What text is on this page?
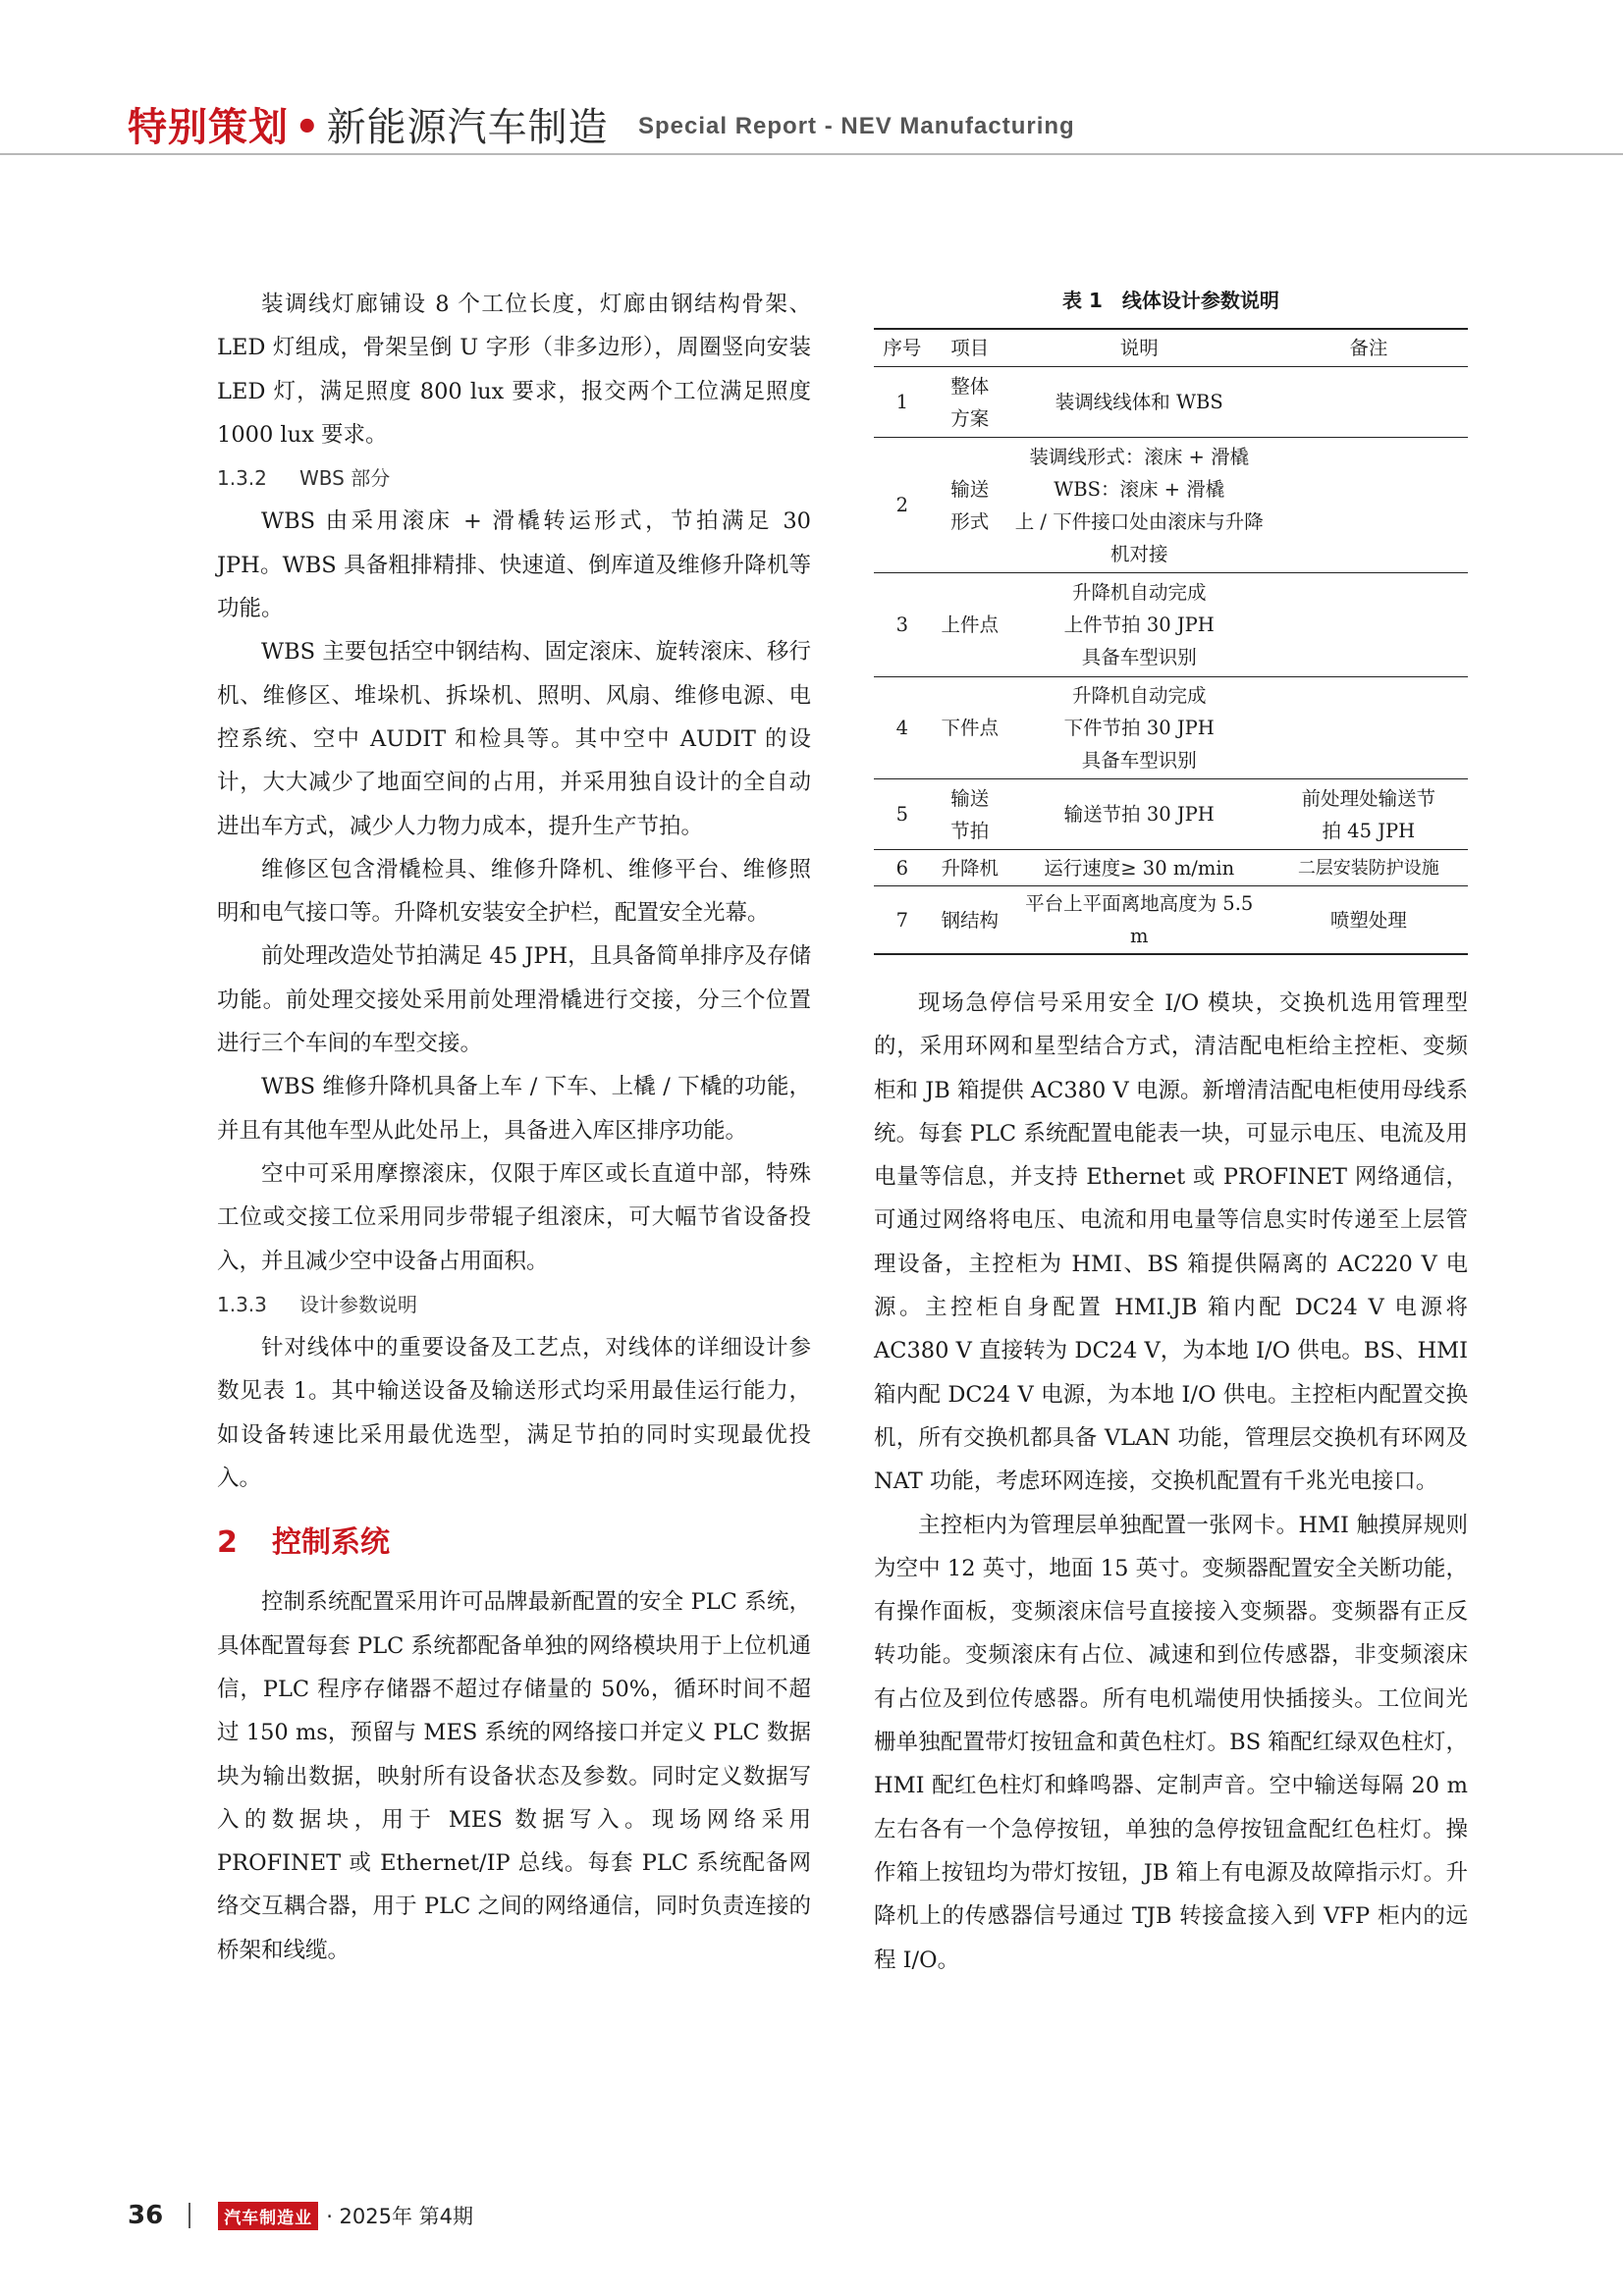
特别策划 • 新能源汽车制造 Special Report - NEV Manufacturing

装调线灯廊铺设 8 个工位长度，灯廊由钢结构骨架、LED 灯组成，骨架呈倒 U 字形（非多边形），周圈竖向安装 LED 灯，满足照度 800 lux 要求，报交两个工位满足照度 1000 lux 要求。

1.3.2 WBS 部分

WBS 由采用滚床 + 滑橇转运形式，节拍满足 30 JPH。WBS 具备粗排精排、快速道、倒库道及维修升降机等功能。

WBS 主要包括空中钢结构、固定滚床、旋转滚床、移行机、维修区、堆垛机、拆垛机、照明、风扇、维修电源、电控系统、空中 AUDIT 和检具等。其中空中 AUDIT 的设计，大大减少了地面空间的占用，并采用独自设计的全自动进出车方式，减少人力物力成本，提升生产节拍。

维修区包含滑橇检具、维修升降机、维修平台、维修照明和电气接口等。升降机安装安全护栏，配置安全光幕。

前处理改造处节拍满足 45 JPH，且具备简单排序及存储功能。前处理交接处采用前处理滑橇进行交接，分三个位置进行三个车间的车型交接。

WBS 维修升降机具备上车 / 下车、上橇 / 下橇的功能，并且有其他车型从此处吊上，具备进入库区排序功能。

空中可采用摩擦滚床，仅限于库区或长直道中部，特殊工位或交接工位采用同步带辊子组滚床，可大幅节省设备投入，并且减少空中设备占用面积。

1.3.3 设计参数说明

针对线体中的重要设备及工艺点，对线体的详细设计参数见表 1。其中输送设备及输送形式均采用最佳运行能力，如设备转速比采用最优选型，满足节拍的同时实现最优投入。

2 控制系统

控制系统配置采用许可品牌最新配置的安全 PLC 系统，具体配置每套 PLC 系统都配备单独的网络模块用于上位机通信，PLC 程序存储器不超过存储量的 50%，循环时间不超过 150 ms，预留与 MES 系统的网络接口并定义 PLC 数据块为输出数据，映射所有设备状态及参数。同时定义数据写入的数据块，用于 MES 数据写入。现场网络采用 PROFINET 或 Ethernet/IP 总线。每套 PLC 系统配备网络交互耦合器，用于 PLC 之间的网络通信，同时负责连接的桥架和线缆。

表 1　线体设计参数说明
序号	项目	说明	备注
1	整体
方案	装调线线体和 WBS	
2	输送
形式	装调线形式：滚床 + 滑橇
WBS：滚床 + 滑橇
上 / 下件接口处由滚床与升降
机对接	
3	上件点	升降机自动完成
上件节拍 30 JPH
具备车型识别	
4	下件点	升降机自动完成
下件节拍 30 JPH
具备车型识别	
5	输送
节拍	输送节拍 30 JPH	前处理处输送节
拍 45 JPH
6	升降机	运行速度≥ 30 m/min	二层安装防护设施
7	钢结构	平台上平面离地高度为 5.5 m	喷塑处理

现场急停信号采用安全 I/O 模块，交换机选用管理型的，采用环网和星型结合方式，清洁配电柜给主控柜、变频柜和 JB 箱提供 AC380 V 电源。新增清洁配电柜使用母线系统。每套 PLC 系统配置电能表一块，可显示电压、电流及用电量等信息，并支持 Ethernet 或 PROFINET 网络通信，可通过网络将电压、电流和用电量等信息实时传递至上层管理设备，主控柜为 HMI、BS 箱提供隔离的 AC220 V 电源。主控柜自身配置 HMI.JB 箱内配 DC24 V 电源将 AC380 V 直接转为 DC24 V，为本地 I/O 供电。BS、HMI 箱内配 DC24 V 电源，为本地 I/O 供电。主控柜内配置交换机，所有交换机都具备 VLAN 功能，管理层交换机有环网及 NAT 功能，考虑环网连接，交换机配置有千兆光电接口。

主控柜内为管理层单独配置一张网卡。HMI 触摸屏规则为空中 12 英寸，地面 15 英寸。变频器配置安全关断功能，有操作面板，变频滚床信号直接接入变频器。变频器有正反转功能。变频滚床有占位、减速和到位传感器，非变频滚床有占位及到位传感器。所有电机端使用快插接头。工位间光栅单独配置带灯按钮盒和黄色柱灯。BS 箱配红绿双色柱灯，HMI 配红色柱灯和蜂鸣器、定制声音。空中输送每隔 20 m 左右各有一个急停按钮，单独的急停按钮盒配红色柱灯。操作箱上按钮均为带灯按钮，JB 箱上有电源及故障指示灯。升降机上的传感器信号通过 TJB 转接盒接入到 VFP 柜内的远程 I/O。

36	汽车制造业 · 2025年 第4期
